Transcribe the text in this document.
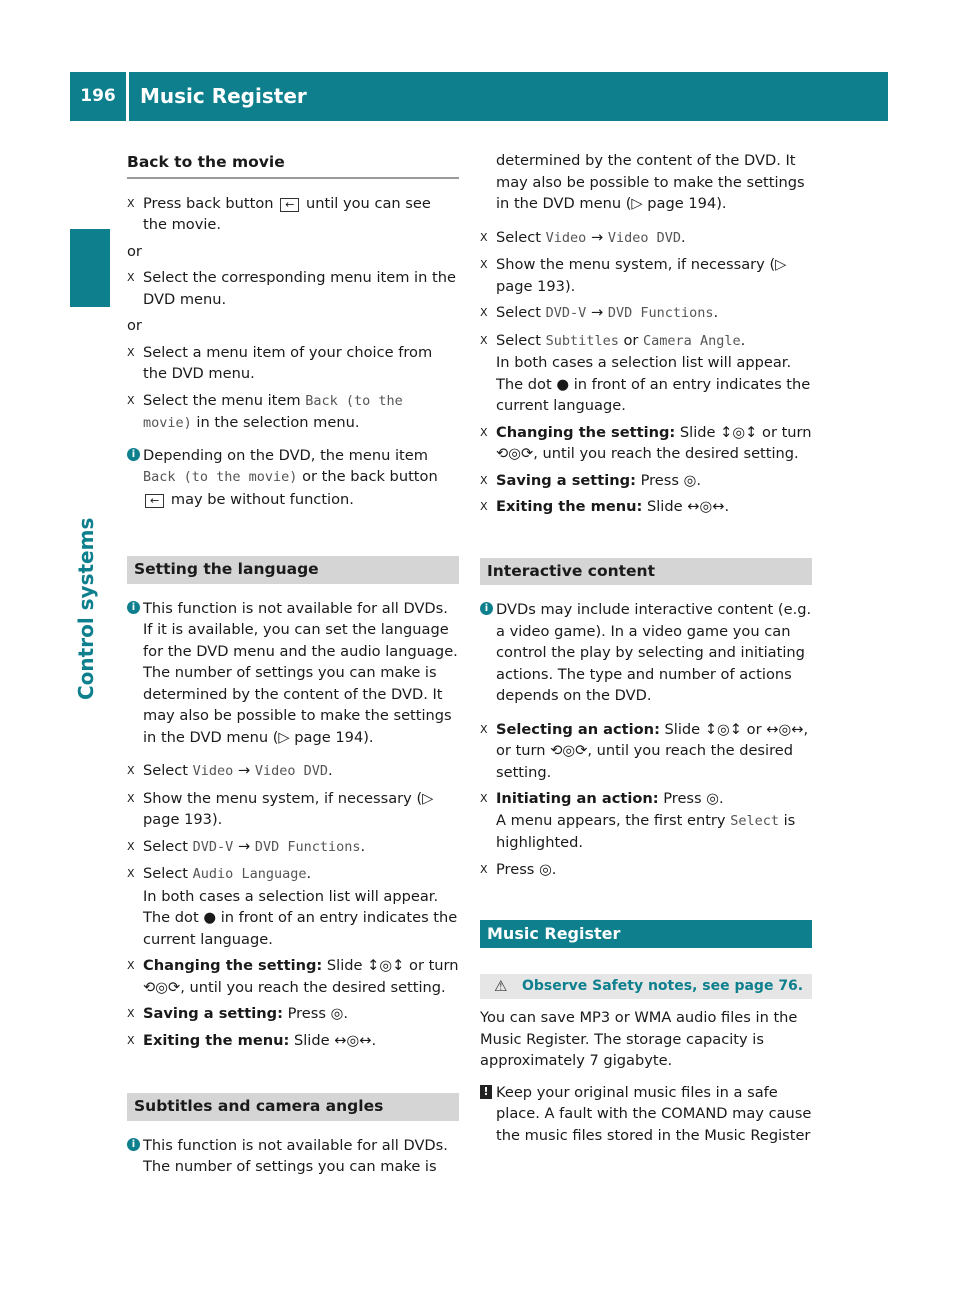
196	Music Register
Control systems
Back to the movie
X Press back button ← until you can see the movie.
or
X Select the corresponding menu item in the DVD menu.
or
X Select a menu item of your choice from the DVD menu.
X Select the menu item Back (to the movie) in the selection menu.
i Depending on the DVD, the menu item Back (to the movie) or the back button ← may be without function.
Setting the language
i This function is not available for all DVDs. If it is available, you can set the language for the DVD menu and the audio language. The number of settings you can make is determined by the content of the DVD. It may also be possible to make the settings in the DVD menu (▷ page 194).
X Select Video → Video DVD.
X Show the menu system, if necessary (▷ page 193).
X Select DVD-V → DVD Functions.
X Select Audio Language.
In both cases a selection list will appear. The dot ● in front of an entry indicates the current language.
X Changing the setting: Slide ↕◎↕ or turn ⟲◎⟳, until you reach the desired setting.
X Saving a setting: Press ◎.
X Exiting the menu: Slide ↔◎↔.
Subtitles and camera angles
i This function is not available for all DVDs. The number of settings you can make is
determined by the content of the DVD. It may also be possible to make the settings in the DVD menu (▷ page 194).
X Select Video → Video DVD.
X Show the menu system, if necessary (▷ page 193).
X Select DVD-V → DVD Functions.
X Select Subtitles or Camera Angle.
In both cases a selection list will appear. The dot ● in front of an entry indicates the current language.
X Changing the setting: Slide ↕◎↕ or turn ⟲◎⟳, until you reach the desired setting.
X Saving a setting: Press ◎.
X Exiting the menu: Slide ↔◎↔.
Interactive content
i DVDs may include interactive content (e.g. a video game). In a video game you can control the play by selecting and initiating actions. The type and number of actions depends on the DVD.
X Selecting an action: Slide ↕◎↕ or ↔◎↔, or turn ⟲◎⟳, until you reach the desired setting.
X Initiating an action: Press ◎.
A menu appears, the first entry Select is highlighted.
X Press ◎.
Music Register
⚠ Observe Safety notes, see page 76.
You can save MP3 or WMA audio files in the Music Register. The storage capacity is approximately 7 gigabyte.
! Keep your original music files in a safe place. A fault with the COMAND may cause the music files stored in the Music Register
